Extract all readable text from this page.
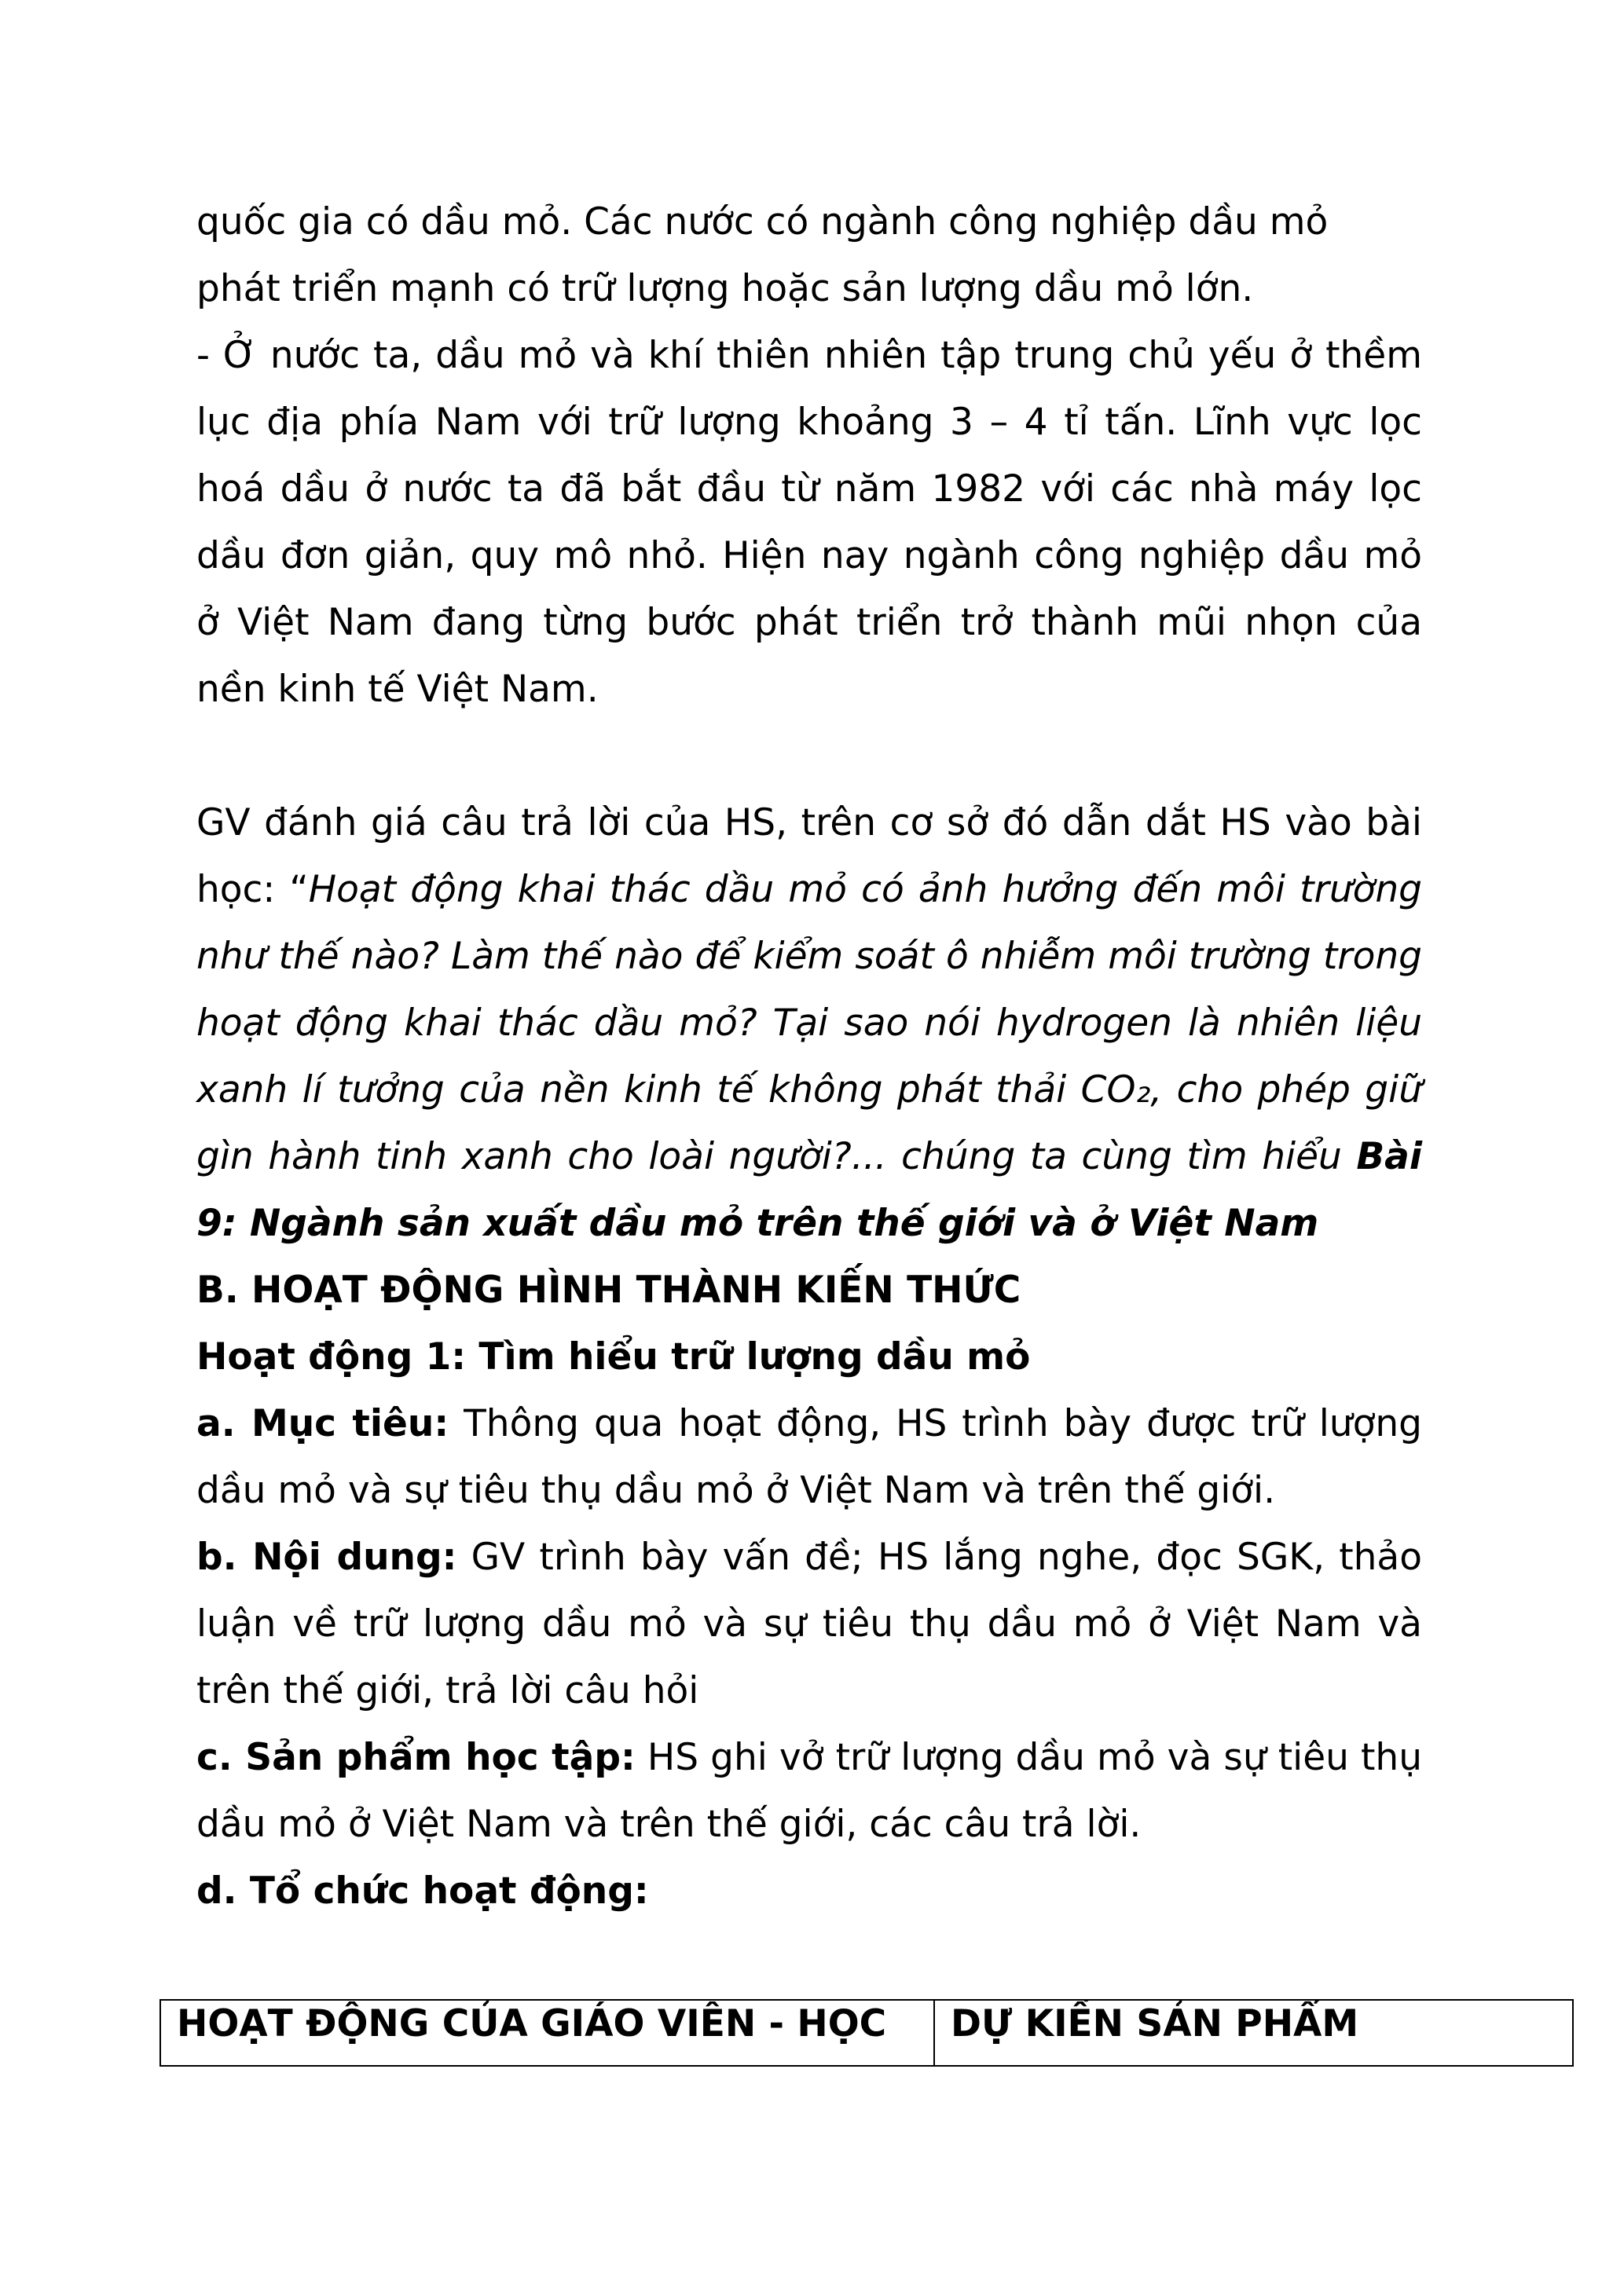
quốc gia có dầu mỏ. Các nước có ngành công nghiệp dầu mỏ

phát triển mạnh có trữ lượng hoặc sản lượng dầu mỏ lớn.

- Ở nước ta, dầu mỏ và khí thiên nhiên tập trung chủ yếu ở thềm lục địa phía Nam với trữ lượng khoảng 3 – 4 tỉ tấn. Lĩnh vực lọc hoá dầu ở nước ta đã bắt đầu từ năm 1982 với các nhà máy lọc dầu đơn giản, quy mô nhỏ. Hiện nay ngành công nghiệp dầu mỏ ở Việt Nam đang từng bước phát triển trở thành mũi nhọn của nền kinh tế Việt Nam.

GV đánh giá câu trả lời của HS, trên cơ sở đó dẫn dắt HS vào bài học: “Hoạt động khai thác dầu mỏ có ảnh hưởng đến môi trường như thế nào? Làm thế nào để kiểm soát ô nhiễm môi trường trong hoạt động khai thác dầu mỏ? Tại sao nói hydrogen là nhiên liệu xanh lí tưởng của nền kinh tế không phát thải CO₂, cho phép giữ gìn hành tinh xanh cho loài người?... chúng ta cùng tìm hiểu Bài 9: Ngành sản xuất dầu mỏ trên thế giới và ở Việt Nam

B. HOẠT ĐỘNG HÌNH THÀNH KIẾN THỨC

Hoạt động 1: Tìm hiểu trữ lượng dầu mỏ

a. Mục tiêu: Thông qua hoạt động, HS trình bày được trữ lượng dầu mỏ và sự tiêu thụ dầu mỏ ở Việt Nam và trên thế giới.

b. Nội dung: GV trình bày vấn đề; HS lắng nghe, đọc SGK, thảo luận về trữ lượng dầu mỏ và sự tiêu thụ dầu mỏ ở Việt Nam và trên thế giới, trả lời câu hỏi

c. Sản phẩm học tập: HS ghi vở trữ lượng dầu mỏ và sự tiêu thụ dầu mỏ ở Việt Nam và trên thế giới, các câu trả lời.

d. Tổ chức hoạt động:

HOẠT ĐỘNG CỦA GIÁO VIÊN - HỌC	DỰ KIẾN SẢN PHẨM
